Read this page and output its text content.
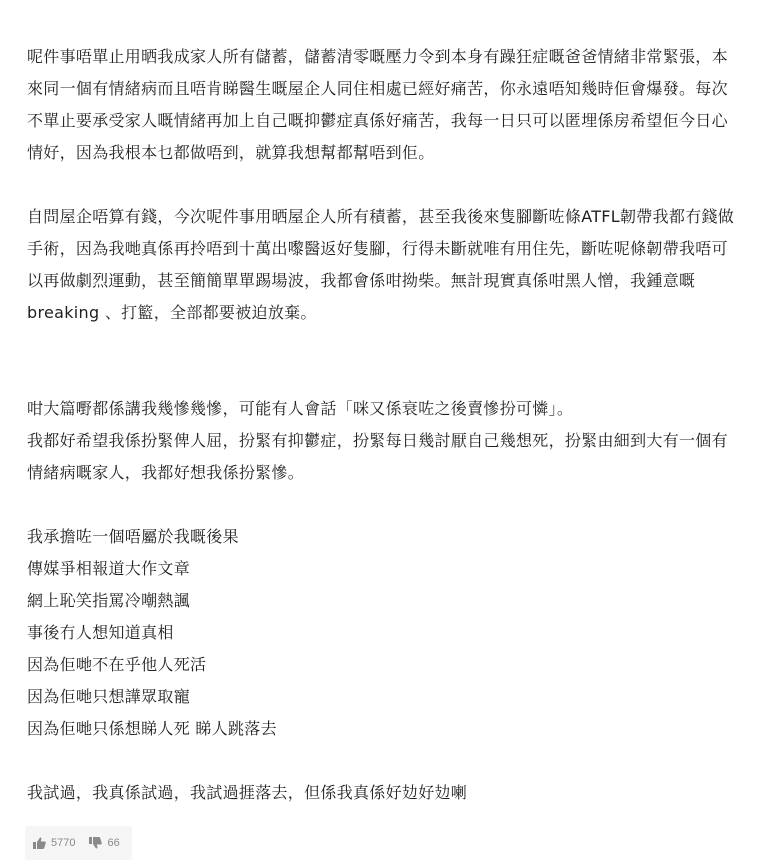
呢件事唔單止用晒我成家人所有儲蓄，儲蓄清零嘅壓力令到本身有躁狂症嘅爸爸情緒非常緊張，本來同一個有情緒病而且唔肯睇醫生嘅屋企人同住相處已經好痛苦，你永遠唔知幾時佢會爆發。每次不單止要承受家人嘅情緒再加上自己嘅抑鬱症真係好痛苦，我每一日只可以匿埋係房希望佢今日心情好，因為我根本乜都做唔到，就算我想幫都幫唔到佢。

自問屋企唔算有錢，今次呢件事用晒屋企人所有積蓄，甚至我後來隻腳斷咗條ATFL韌帶我都冇錢做手術，因為我哋真係再拎唔到十萬出嚟醫返好隻腳，行得未斷就唯有用住先，斷咗呢條韌帶我唔可以再做劇烈運動，甚至簡簡單單踢場波，我都會係咁拗柴。無計現實真係咁黑人憎，我鍾意嘅breaking 、打籃，全部都要被迫放棄。

咁大篇嘢都係講我幾慘幾慘，可能有人會話「咪又係衰咗之後賣慘扮可憐」。
我都好希望我係扮緊俾人屈，扮緊有抑鬱症，扮緊每日幾討厭自己幾想死，扮緊由細到大有一個有情緒病嘅家人，我都好想我係扮緊慘。

我承擔咗一個唔屬於我嘅後果

傳媒爭相報道大作文章

網上恥笑指罵冷嘲熱諷

事後冇人想知道真相

因為佢哋不在乎他人死活

因為佢哋只想譁眾取寵

因為佢哋只係想睇人死 睇人跳落去

我試過，我真係試過，我試過捱落去，但係我真係好攰好攰喇

5770	66
